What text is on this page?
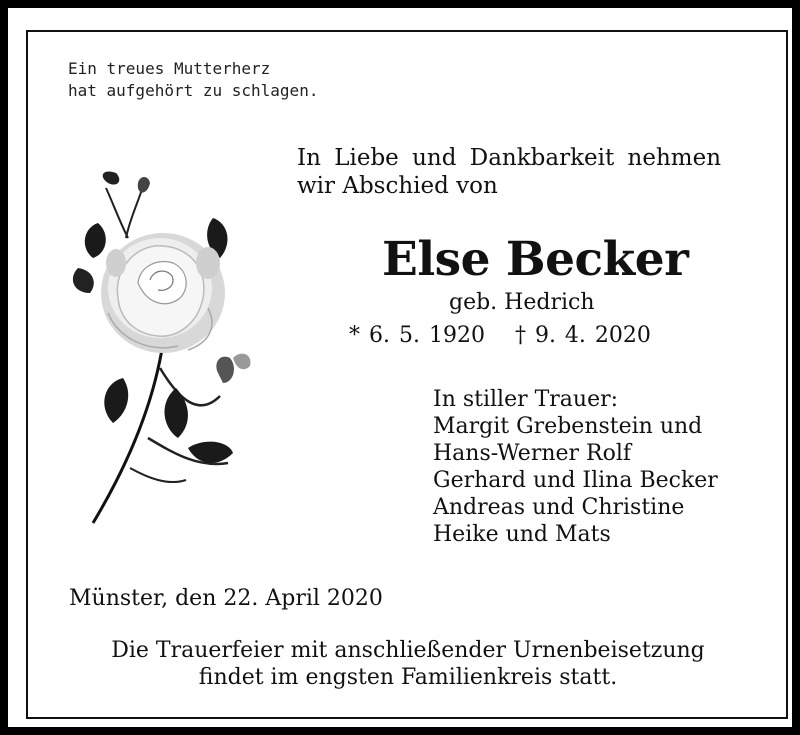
Ein treues Mutterherz
hat aufgehört zu schlagen.
In Liebe und Dankbarkeit nehmen
wir Abschied von
Else Becker
geb. Hedrich
* 6. 5. 1920 † 9. 4. 2020
In stiller Trauer:
Margit Grebenstein und
Hans-Werner Rolf
Gerhard und Ilina Becker
Andreas und Christine
Heike und Mats
Münster, den 22. April 2020
Die Trauerfeier mit anschließender Urnenbeisetzung
findet im engsten Familienkreis statt.
